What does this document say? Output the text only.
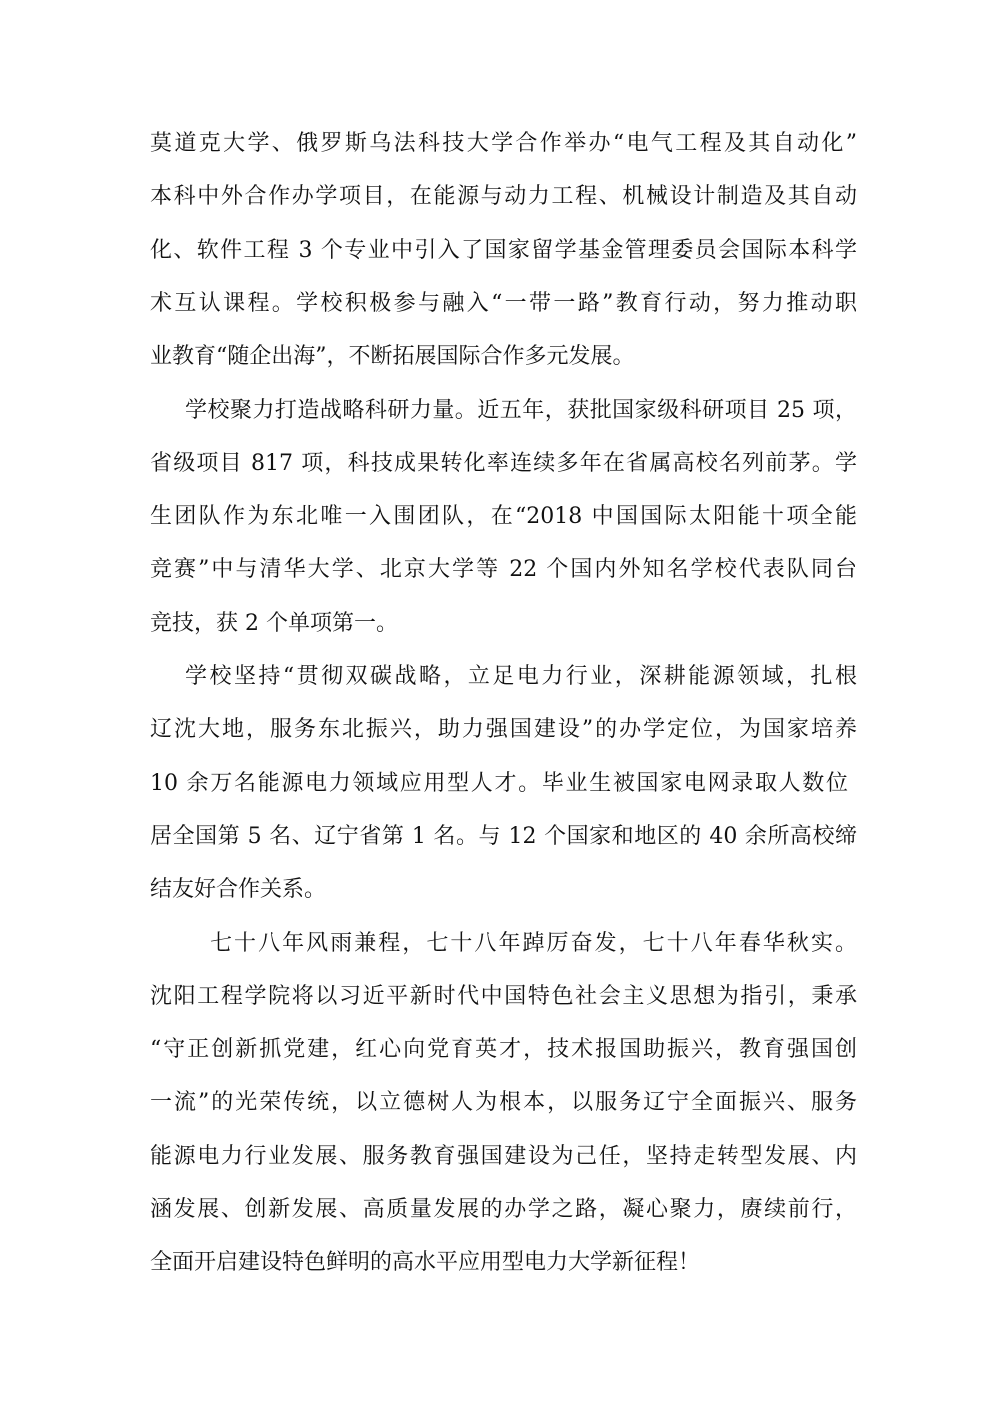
莫道克大学、俄罗斯乌法科技大学合作举办“电气工程及其自动化”
本科中外合作办学项目，在能源与动力工程、机械设计制造及其自动
化、软件工程 3 个专业中引入了国家留学基金管理委员会国际本科学
术互认课程。学校积极参与融入“一带一路”教育行动，努力推动职
业教育“随企出海”，不断拓展国际合作多元发展。
学校聚力打造战略科研力量。近五年，获批国家级科研项目 25 项，
省级项目 817 项，科技成果转化率连续多年在省属高校名列前茅。学
生团队作为东北唯一入围团队，在“2018 中国国际太阳能十项全能
竞赛”中与清华大学、北京大学等 22 个国内外知名学校代表队同台
竞技，获 2 个单项第一。
学校坚持“贯彻双碳战略，立足电力行业，深耕能源领域，扎根
辽沈大地，服务东北振兴，助力强国建设”的办学定位，为国家培养
10 余万名能源电力领域应用型人才。毕业生被国家电网录取人数位
居全国第 5 名、辽宁省第 1 名。与 12 个国家和地区的 40 余所高校缔
结友好合作关系。
七十八年风雨兼程，七十八年踔厉奋发，七十八年春华秋实。
沈阳工程学院将以习近平新时代中国特色社会主义思想为指引，秉承
“守正创新抓党建，红心向党育英才，技术报国助振兴，教育强国创
一流”的光荣传统，以立德树人为根本，以服务辽宁全面振兴、服务
能源电力行业发展、服务教育强国建设为己任，坚持走转型发展、内
涵发展、创新发展、高质量发展的办学之路，凝心聚力，赓续前行，
全面开启建设特色鲜明的高水平应用型电力大学新征程！
